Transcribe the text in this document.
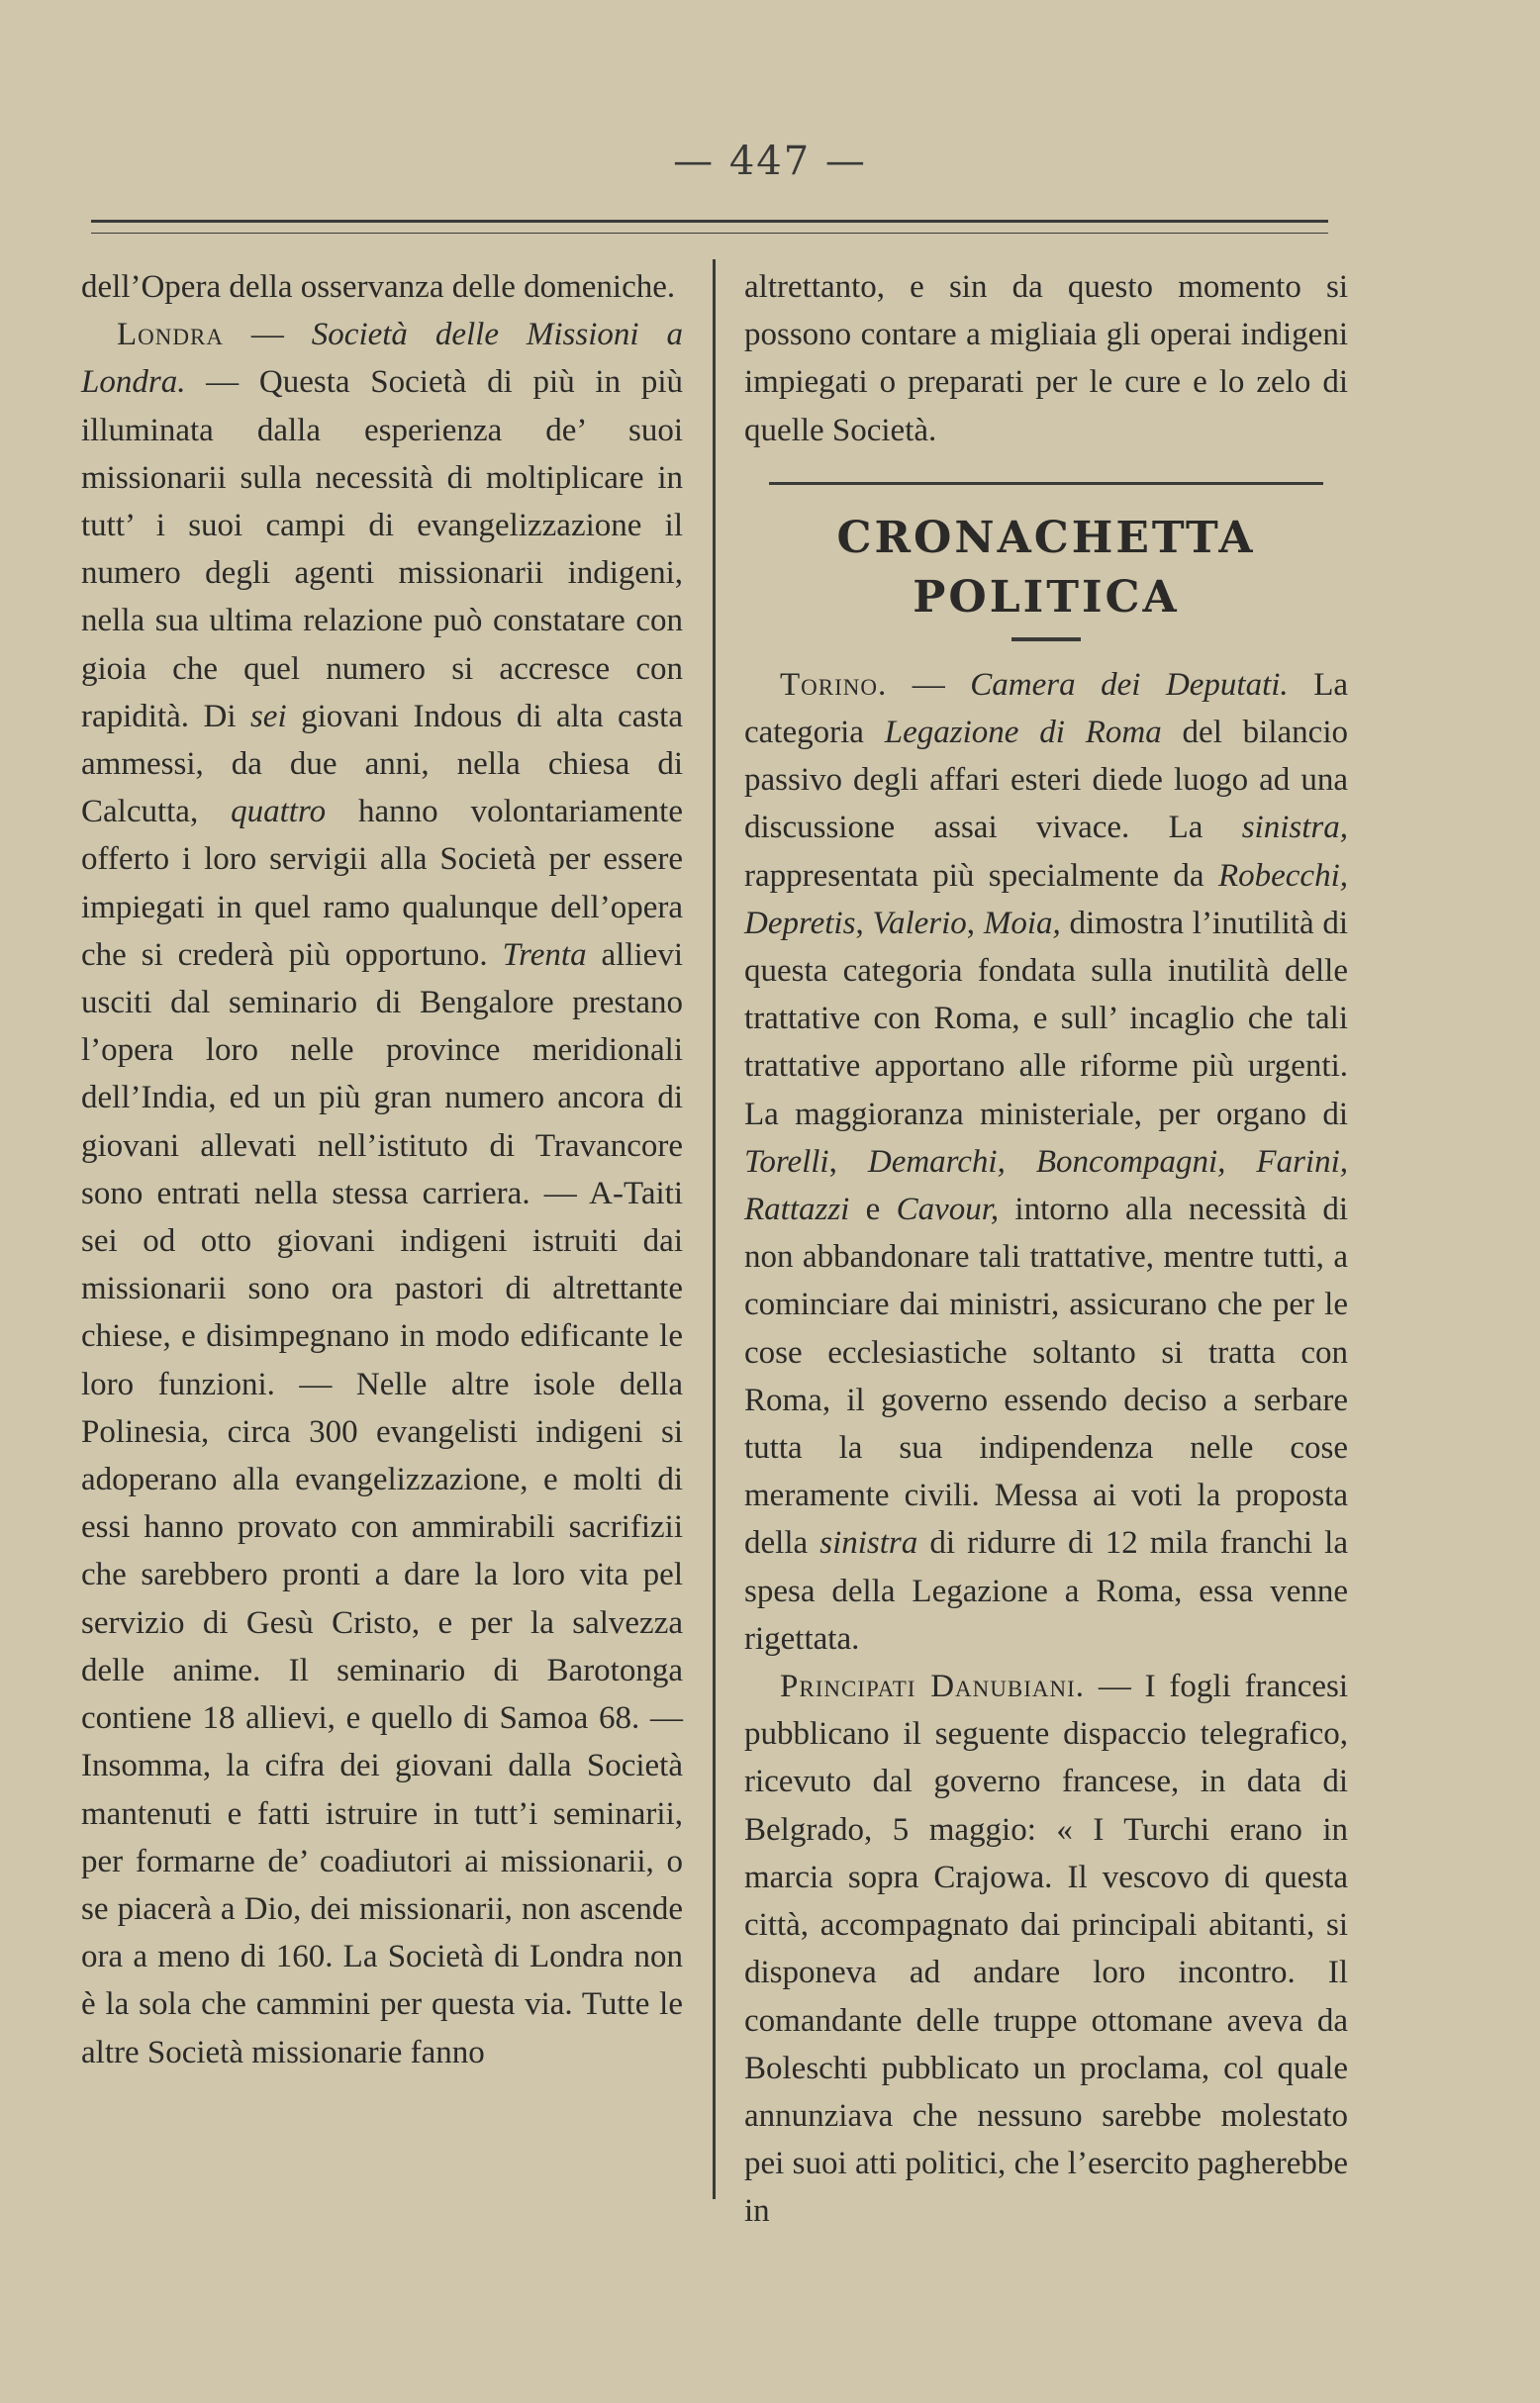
— 447 —

dell’Opera della osservanza delle domeniche.

Londra — Società delle Missioni a Londra. — Questa Società di più in più illuminata dalla esperienza de’ suoi missionarii sulla necessità di moltiplicare in tutt’ i suoi campi di evangelizzazione il numero degli agenti missionarii indigeni, nella sua ultima relazione può constatare con gioia che quel numero si accresce con rapidità. Di sei giovani Indous di alta casta ammessi, da due anni, nella chiesa di Calcutta, quattro hanno volontariamente offerto i loro servigii alla Società per essere impiegati in quel ramo qualunque dell’opera che si crederà più opportuno. Trenta allievi usciti dal seminario di Bengalore prestano l’opera loro nelle province meridionali dell’India, ed un più gran numero ancora di giovani allevati nell’istituto di Travancore sono entrati nella stessa carriera. — A-Taiti sei od otto giovani indigeni istruiti dai missionarii sono ora pastori di altrettante chiese, e disimpegnano in modo edificante le loro funzioni. — Nelle altre isole della Polinesia, circa 300 evangelisti indigeni si adoperano alla evangelizzazione, e molti di essi hanno provato con ammirabili sacrifizii che sarebbero pronti a dare la loro vita pel servizio di Gesù Cristo, e per la salvezza delle anime. Il seminario di Barotonga contiene 18 allievi, e quello di Samoa 68. — Insomma, la cifra dei giovani dalla Società mantenuti e fatti istruire in tutt’i seminarii, per formarne de’ coadiutori ai missionarii, o se piacerà a Dio, dei missionarii, non ascende ora a meno di 160. La Società di Londra non è la sola che cammini per questa via. Tutte le altre Società missionarie fanno

altrettanto, e sin da questo momento si possono contare a migliaia gli operai indigeni impiegati o preparati per le cure e lo zelo di quelle Società.

CRONACHETTA POLITICA

Torino. — Camera dei Deputati. La categoria Legazione di Roma del bilancio passivo degli affari esteri diede luogo ad una discussione assai vivace. La sinistra, rappresentata più specialmente da Robecchi, Depretis, Valerio, Moia, dimostra l’inutilità di questa categoria fondata sulla inutilità delle trattative con Roma, e sull’ incaglio che tali trattative apportano alle riforme più urgenti. La maggioranza ministeriale, per organo di Torelli, Demarchi, Boncompagni, Farini, Rattazzi e Cavour, intorno alla necessità di non abbandonare tali trattative, mentre tutti, a cominciare dai ministri, assicurano che per le cose ecclesiastiche soltanto si tratta con Roma, il governo essendo deciso a serbare tutta la sua indipendenza nelle cose meramente civili. Messa ai voti la proposta della sinistra di ridurre di 12 mila franchi la spesa della Legazione a Roma, essa venne rigettata.

Principati Danubiani. — I fogli francesi pubblicano il seguente dispaccio telegrafico, ricevuto dal governo francese, in data di Belgrado, 5 maggio: « I Turchi erano in marcia sopra Crajowa. Il vescovo di questa città, accompagnato dai principali abitanti, si disponeva ad andare loro incontro. Il comandante delle truppe ottomane aveva da Boleschti pubblicato un proclama, col quale annunziava che nessuno sarebbe molestato pei suoi atti politici, che l’esercito pagherebbe in
